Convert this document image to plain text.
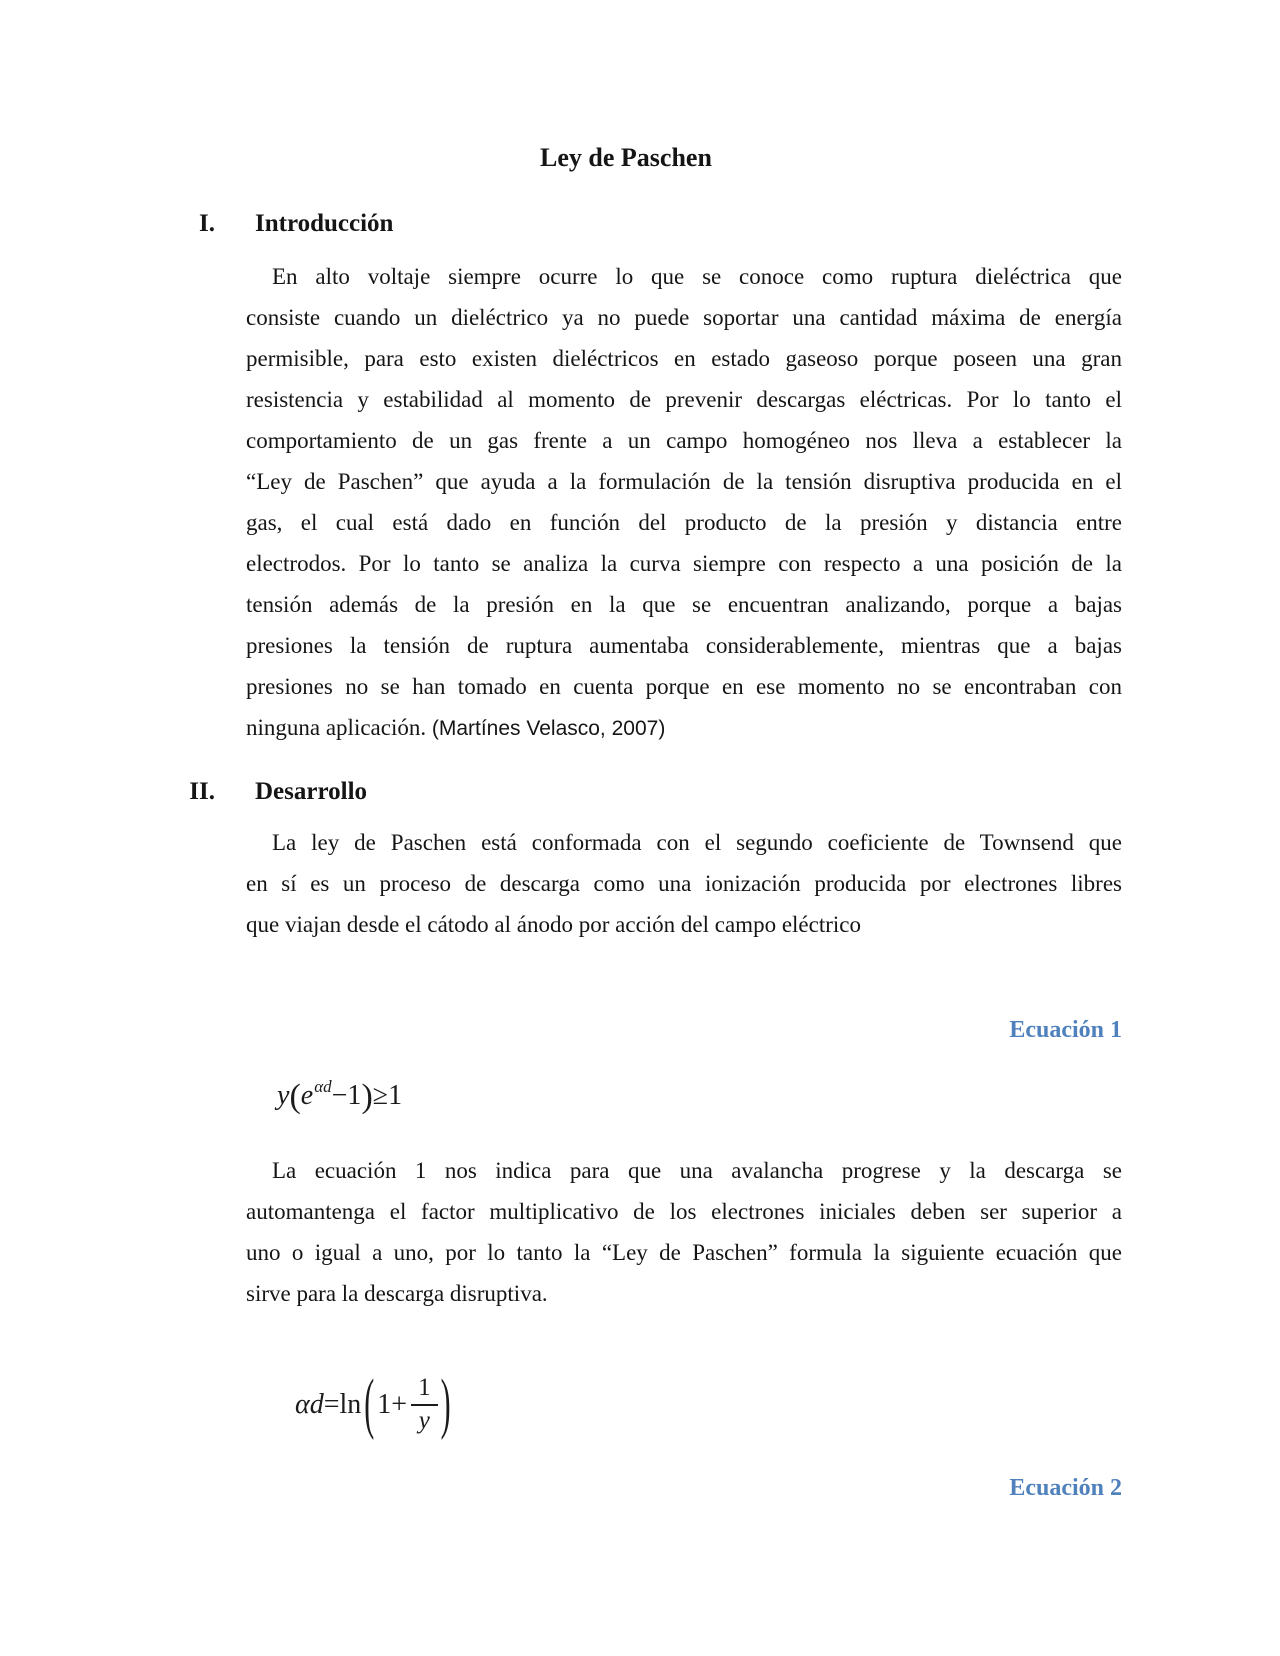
Ley de Paschen
I. Introducción
En alto voltaje siempre ocurre lo que se conoce como ruptura dieléctrica que
consiste cuando un dieléctrico ya no puede soportar una cantidad máxima de energía
permisible, para esto existen dieléctricos en estado gaseoso porque poseen una gran
resistencia y estabilidad al momento de prevenir descargas eléctricas. Por lo tanto el
comportamiento de un gas frente a un campo homogéneo nos lleva a establecer la
“Ley de Paschen” que ayuda a la formulación de la tensión disruptiva producida en el
gas, el cual está dado en función del producto de la presión y distancia entre
electrodos. Por lo tanto se analiza la curva siempre con respecto a una posición de la
tensión además de la presión en la que se encuentran analizando, porque a bajas
presiones la tensión de ruptura aumentaba considerablemente, mientras que a bajas
presiones no se han tomado en cuenta porque en ese momento no se encontraban con
ninguna aplicación. (Martínes Velasco, 2007)
II. Desarrollo
La ley de Paschen está conformada con el segundo coeficiente de Townsend que
en sí es un proceso de descarga como una ionización producida por electrones libres
que viajan desde el cátodo al ánodo por acción del campo eléctrico
Ecuación 1
$y(e^{\alpha d}-1)\ge 1$
La ecuación 1 nos indica para que una avalancha progrese y la descarga se
automantenga el factor multiplicativo de los electrones iniciales deben ser superior a
uno o igual a uno, por lo tanto la “Ley de Paschen” formula la siguiente ecuación que
sirve para la descarga disruptiva.
αd =ln ( $1+ \frac{1}{y}$ )
Ecuación 2
